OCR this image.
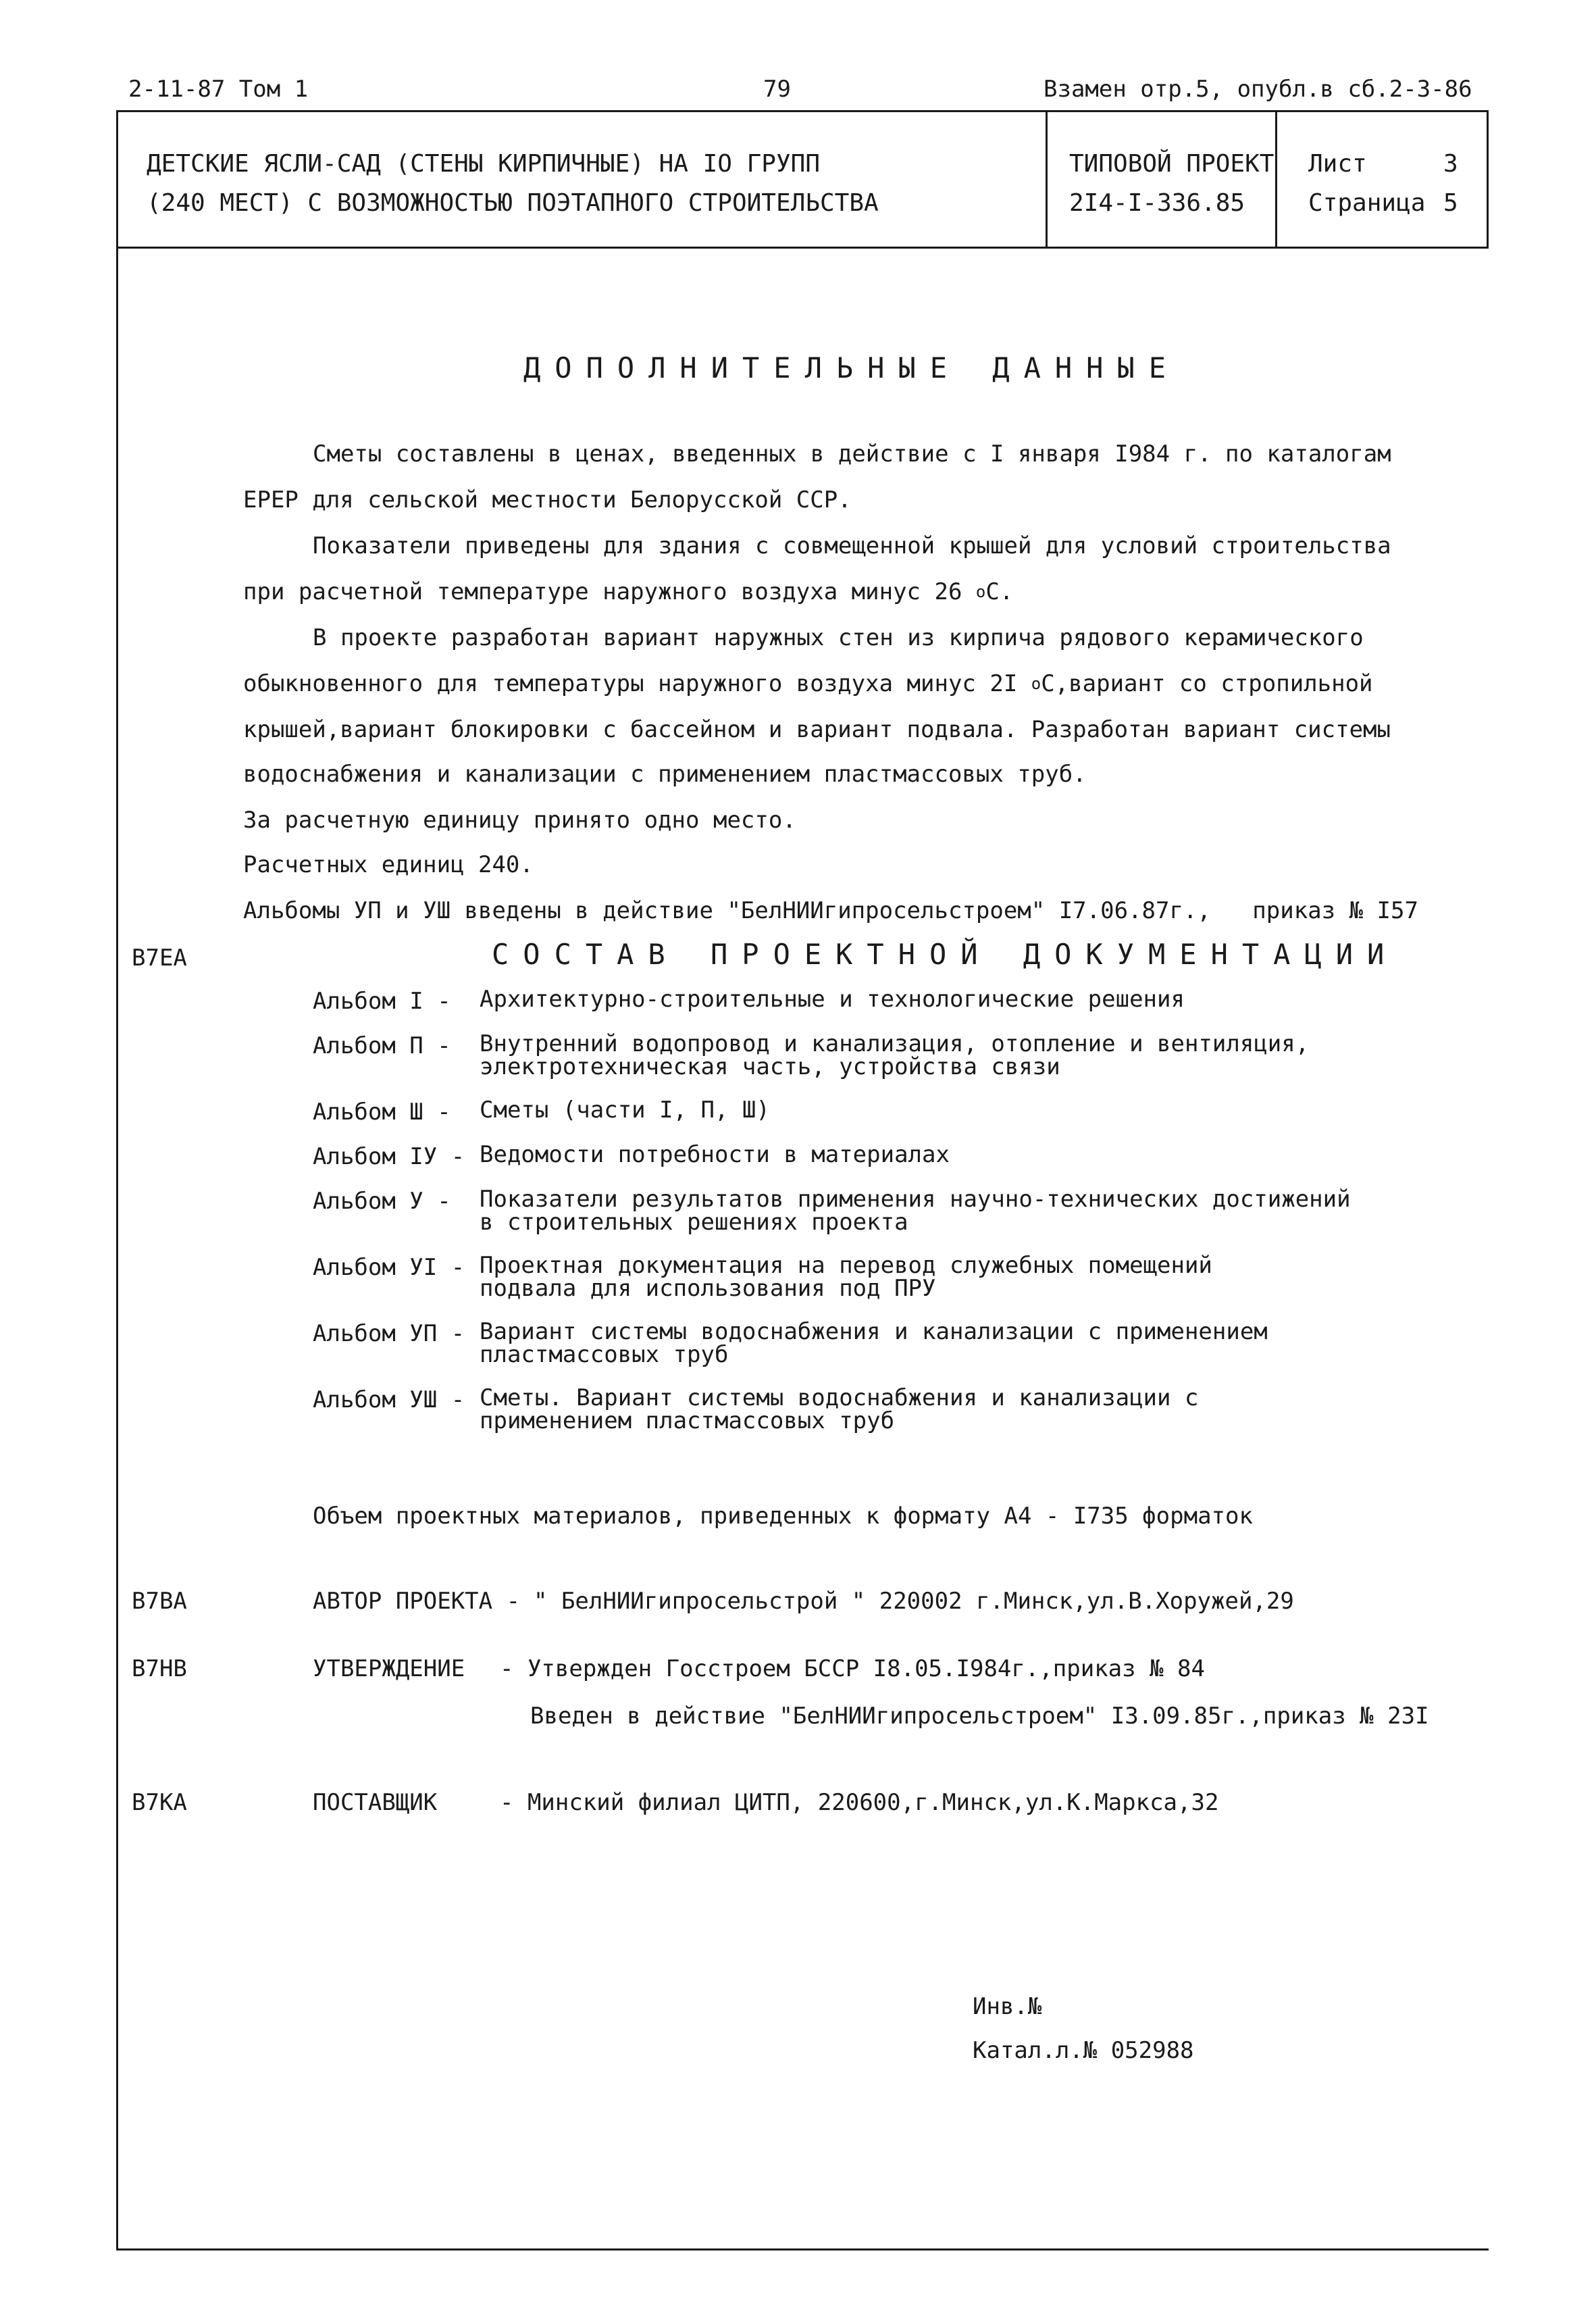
2-11-87 Том 1	79	Взамен отр.5, опубл.в сб.2-3-86
ДЕТСКИЕ ЯСЛИ-САД (СТЕНЫ КИРПИЧНЫЕ) НА IO ГРУПП
(240 МЕСТ) С ВОЗМОЖНОСТЬЮ ПОЭТАПНОГО СТРОИТЕЛЬСТВА
ТИПОВОЙ ПРОЕКТ
2I4-I-336.85
Лист	3
Страница 5
ДОПОЛНИТЕЛЬНЫЕ ДАННЫЕ
Сметы составлены в ценах, введенных в действие с I января I984 г. по каталогам
ЕРЕР для сельской местности Белорусской ССР.
Показатели приведены для здания с совмещенной крышей для условий строительства
при расчетной температуре наружного воздуха минус 26 $^o$С.
В проекте разработан вариант наружных стен из кирпича рядового керамического
обыкновенного для температуры наружного воздуха минус 2I $^o$С,вариант со стропильной
крышей,вариант блокировки с бассейном и вариант подвала. Разработан вариант системы
водоснабжения и канализации с применением пластмассовых труб.
За расчетную единицу принято одно место.
Расчетных единиц 240.
Альбомы УП и УШ введены в действие "БелНИИгипросельстроем" I7.06.87г.,   приказ № I57
В7ЕА	СОСТАВ ПРОЕКТНОЙ ДОКУМЕНТАЦИИ
Альбом I - Архитектурно-строительные и технологические решения
Альбом П - Внутренний водопровод и канализация, отопление и вентиляция,
электротехническая часть, устройства связи
Альбом Ш - Сметы (части I, П, Ш)
Альбом IУ - Ведомости потребности в материалах
Альбом У - Показатели результатов применения научно-технических достижений
в строительных решениях проекта
Альбом УI - Проектная документация на перевод служебных помещений
подвала для использования под ПРУ
Альбом УП - Вариант системы водоснабжения и канализации с применением
пластмассовых труб
Альбом УШ - Сметы. Вариант системы водоснабжения и канализации с
применением пластмассовых труб
Объем проектных материалов, приведенных к формату А4 - I735 форматок
В7ВА	АВТОР ПРОЕКТА - " БелНИИгипросельстрой " 220002 г.Минск,ул.В.Хоружей,29
В7НВ	УТВЕРЖДЕНИЕ - Утвержден Госстроем БССР I8.05.I984г.,приказ № 84
Введен в действие "БелНИИгипросельстроем" I3.09.85г.,приказ № 23I
В7КА	ПОСТАВЩИК	- Минский филиал ЦИТП, 220600,г.Минск,ул.К.Маркса,32
Инв.№
Катал.л.№ 052988
